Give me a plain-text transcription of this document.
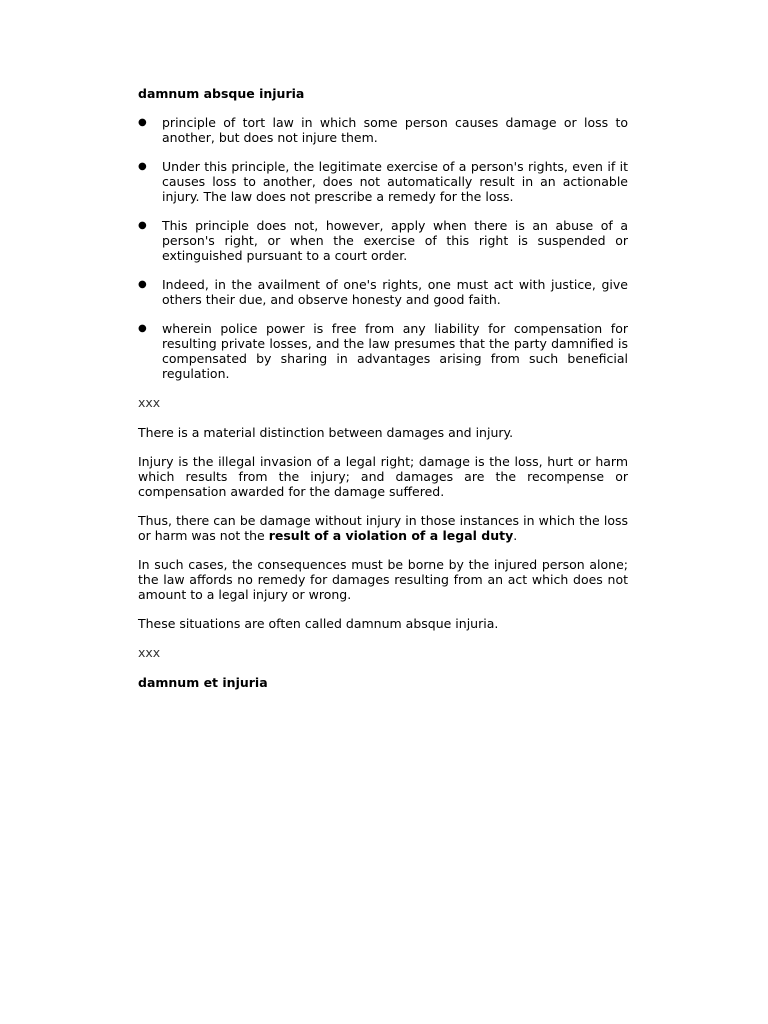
damnum absque injuria
● principle of tort law in which some person causes damage or loss to another, but does not injure them.
● Under this principle, the legitimate exercise of a person's rights, even if it causes loss to another, does not automatically result in an actionable injury. The law does not prescribe a remedy for the loss.
● This principle does not, however, apply when there is an abuse of a person's right, or when the exercise of this right is suspended or extinguished pursuant to a court order.
● Indeed, in the availment of one's rights, one must act with justice, give others their due, and observe honesty and good faith.
● wherein police power is free from any liability for compensation for resulting private losses, and the law presumes that the party damnified is compensated by sharing in advantages arising from such beneficial regulation.
xxx

There is a material distinction between damages and injury.

Injury is the illegal invasion of a legal right; damage is the loss, hurt or harm which results from the injury; and damages are the recompense or compensation awarded for the damage suffered.

Thus, there can be damage without injury in those instances in which the loss or harm was not the result of a violation of a legal duty.

In such cases, the consequences must be borne by the injured person alone; the law affords no remedy for damages resulting from an act which does not amount to a legal injury or wrong.

These situations are often called damnum absque injuria.

xxx
damnum et injuria
